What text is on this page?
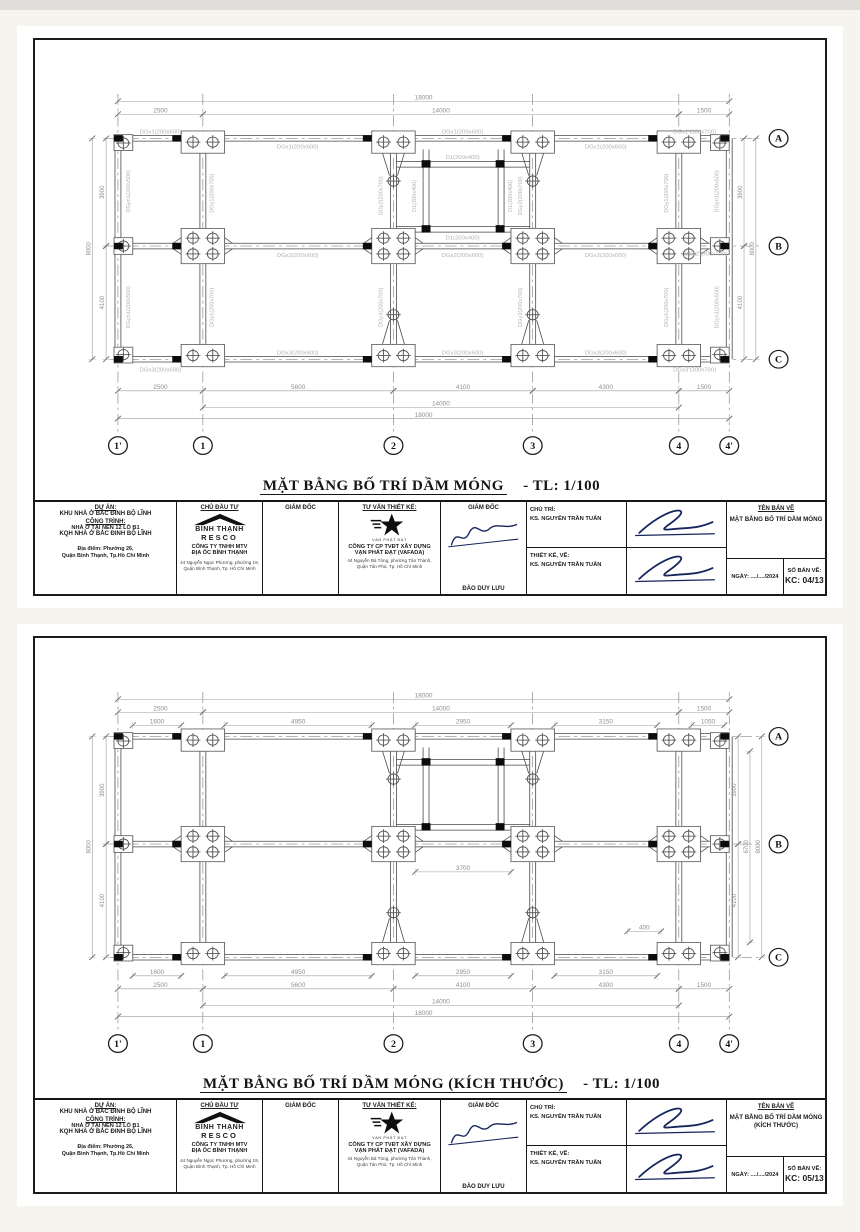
18000
2500	14000	1500
2500	5600	4100	4300	1500
14000
18000
3900
4100
8000
3900
4100
8000
DGx1(200x600)	DGx1(200x600)	DGx1'(300x700)
DGx1(200x600)	DGx1(200x600)
DGx2(200x600)	DGx2(200x600)	DGx2(200x600)	DGx2'(300x700)
DGx3(200x600)	DGx3(200x600)	DGx3(200x600)
DGx3(200x600)	DGx3'(300x700)
DGyn1(200x500)
DGyn1(200x500)
DGy1(200x700)
DGy1(200x700)
DGy2(200x700)
DGy2(200x700)
DGy2(200x700)
DGy2(200x700)
DGy1(200x700)
DGy1(200x700)
DGyn1(200x500)
DGyn1(200x500)
D1(200x400)
D1(200x400)
D1(200x400)	D1(200x400)
1'	1	2	3	4	4'
A
B
C
MẶT BẰNG BỐ TRÍ DẦM MÓNG - TL: 1/100
DỰ ÁN:
KHU NHÀ Ở BẮC ĐINH BỘ LĨNH
CÔNG TRÌNH:
NHÀ Ở TẠI NỀN 12 LÔ B1
KQH NHÀ Ở BẮC ĐINH BỘ LĨNH
Địa điểm: Phường 26,
Quận Bình Thạnh, Tp.Hồ Chí Minh
CHỦ ĐẦU TƯ
BÌNH THẠNH
RESCO
CÔNG TY TNHH MTV
ĐỊA ỐC BÌNH THẠNH
44 Nguyễn Ngọc Phương, phường 19,
Quận Bình Thạnh, Tp. Hồ Chí Minh
GIÁM ĐỐC	TƯ VẤN THIẾT KẾ:
VẠN PHÁT ĐẠT
CÔNG TY CP TVĐT XÂY DỰNG
VẠN PHÁT ĐẠT (VAFADA)
44 Nguyễn Bá Tòng, phường Tân Thành,
Quận Tân Phú, Tp. Hồ Chí Minh
GIÁM ĐỐC
ĐÀO DUY LƯU
CHỦ TRÌ:
KS. NGUYỄN TRẦN TUẤN
THIẾT KẾ, VẼ:
KS. NGUYỄN TRẦN TUẤN
TÊN BẢN VẼ
MẶT BẰNG BỐ TRÍ DẦM MÓNG
NGÀY: ..../..../2024
SỐ BẢN VẼ:
KC: 04/13
18000
2500	14000	1500
1600	4950	2950	3150	1050
3700
400
1600	4950	2950	3150
2500	5600	4100	4300	1500
14000
18000
3900
4100
8000
3900
4100
6700 8000
1'	1	2	3	4	4'
A
B
C
MẶT BẰNG BỐ TRÍ DẦM MÓNG (KÍCH THƯỚC) - TL: 1/100
DỰ ÁN:
KHU NHÀ Ở BẮC ĐINH BỘ LĨNH
CÔNG TRÌNH:
NHÀ Ở TẠI NỀN 12 LÔ B1
KQH NHÀ Ở BẮC ĐINH BỘ LĨNH
Địa điểm: Phường 26,
Quận Bình Thạnh, Tp.Hồ Chí Minh
CHỦ ĐẦU TƯ
BÌNH THẠNH
RESCO
CÔNG TY TNHH MTV
ĐỊA ỐC BÌNH THẠNH
44 Nguyễn Ngọc Phương, phường 19,
Quận Bình Thạnh, Tp. Hồ Chí Minh
GIÁM ĐỐC	TƯ VẤN THIẾT KẾ:
VẠN PHÁT ĐẠT
CÔNG TY CP TVĐT XÂY DỰNG
VẠN PHÁT ĐẠT (VAFADA)
44 Nguyễn Bá Tòng, phường Tân Thành,
Quận Tân Phú, Tp. Hồ Chí Minh
GIÁM ĐỐC
ĐÀO DUY LƯU
CHỦ TRÌ:
KS. NGUYỄN TRẦN TUẤN
THIẾT KẾ, VẼ:
KS. NGUYỄN TRẦN TUẤN
TÊN BẢN VẼ
MẶT BẰNG BỐ TRÍ DẦM MÓNG
(KÍCH THƯỚC)
NGÀY: ..../..../2024
SỐ BẢN VẼ:
KC: 05/13
